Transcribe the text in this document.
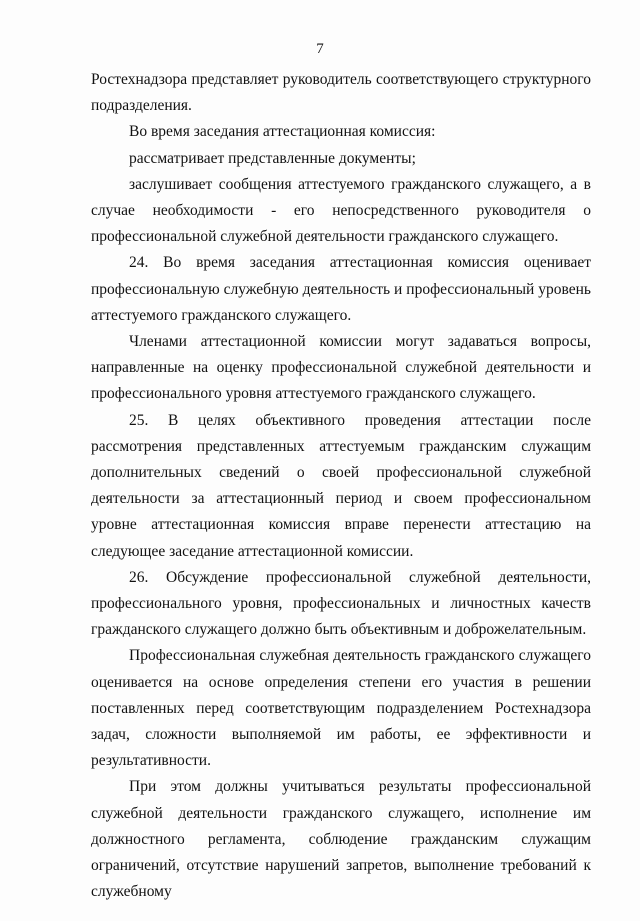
7

Ростехнадзора представляет руководитель соответствующего структурного подразделения.

Во время заседания аттестационная комиссия:

рассматривает представленные документы;

заслушивает сообщения аттестуемого гражданского служащего, а в случае необходимости - его непосредственного руководителя о профессиональной служебной деятельности гражданского служащего.

24. Во время заседания аттестационная комиссия оценивает профессиональную служебную деятельность и профессиональный уровень аттестуемого гражданского служащего.

Членами аттестационной комиссии могут задаваться вопросы, направленные на оценку профессиональной служебной деятельности и профессионального уровня аттестуемого гражданского служащего.

25. В целях объективного проведения аттестации после рассмотрения представленных аттестуемым гражданским служащим дополнительных сведений о своей профессиональной служебной деятельности за аттестационный период и своем профессиональном уровне аттестационная комиссия вправе перенести аттестацию на следующее заседание аттестационной комиссии.

26. Обсуждение профессиональной служебной деятельности, профессионального уровня, профессиональных и личностных качеств гражданского служащего должно быть объективным и доброжелательным.

Профессиональная служебная деятельность гражданского служащего оценивается на основе определения степени его участия в решении поставленных перед соответствующим подразделением Ростехнадзора задач, сложности выполняемой им работы, ее эффективности и результативности.

При этом должны учитываться результаты профессиональной служебной деятельности гражданского служащего, исполнение им должностного регламента, соблюдение гражданским служащим ограничений, отсутствие нарушений запретов, выполнение требований к служебному
